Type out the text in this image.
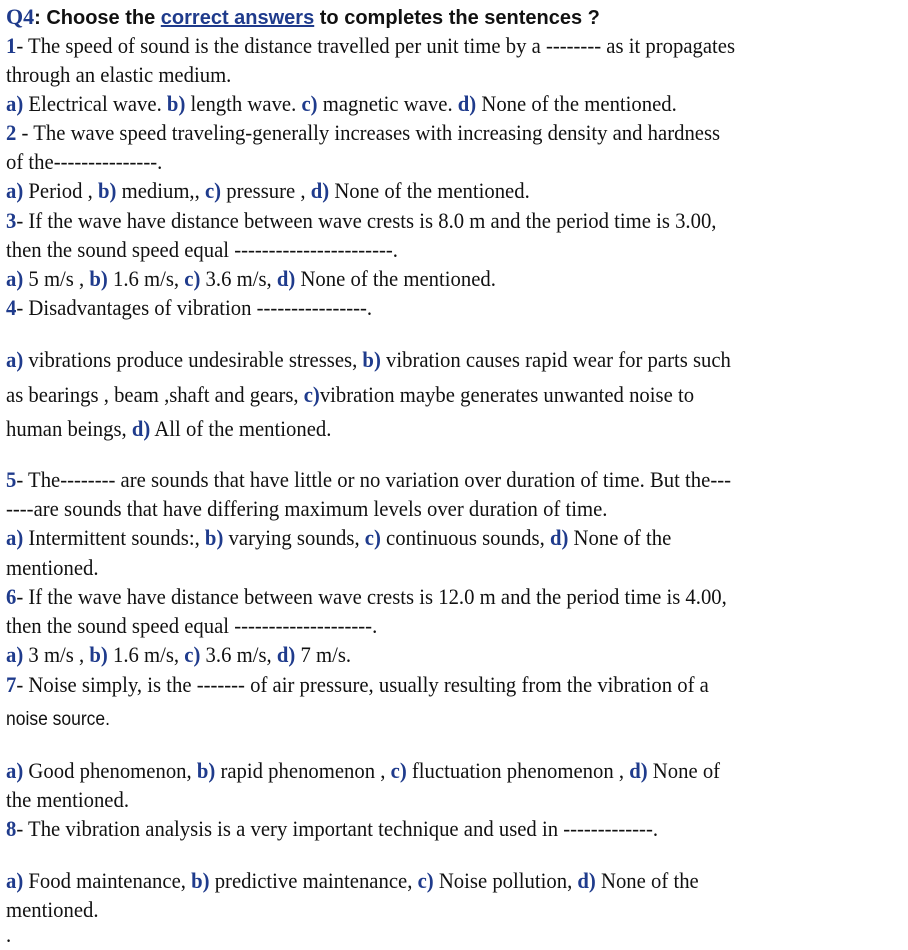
Q4: Choose the correct answers to completes the sentences ?
1- The speed of sound is the distance travelled per unit time by a -------- as it propagates
through an elastic medium.
a) Electrical wave. b) length wave. c) magnetic wave. d) None of the mentioned.
2 - The wave speed traveling-generally increases with increasing density and hardness
of the---------------.
a) Period , b) medium,, c) pressure , d) None of the mentioned.
3- If the wave have distance between wave crests is 8.0 m and the period time is 3.00,
then the sound speed equal -----------------------.
a) 5 m/s , b) 1.6 m/s, c) 3.6 m/s, d) None of the mentioned.
4- Disadvantages of vibration ----------------.
a) vibrations produce undesirable stresses, b) vibration causes rapid wear for parts such
as bearings , beam ,shaft and gears, c)vibration maybe generates unwanted noise to
human beings, d) All of the mentioned.
5- The-------- are sounds that have little or no variation over duration of time. But the---
----are sounds that have differing maximum levels over duration of time.
a) Intermittent sounds:, b) varying sounds, c) continuous sounds, d) None of the
mentioned.
6- If the wave have distance between wave crests is 12.0 m and the period time is 4.00,
then the sound speed equal --------------------.
a) 3 m/s , b) 1.6 m/s, c) 3.6 m/s, d) 7 m/s.
7- Noise simply, is the ------- of air pressure, usually resulting from the vibration of a
noise source.
a) Good phenomenon, b) rapid phenomenon , c) fluctuation phenomenon , d) None of
the mentioned.
8- The vibration analysis is a very important technique and used in -------------.
a) Food maintenance, b) predictive maintenance, c) Noise pollution, d) None of the
mentioned.
.
